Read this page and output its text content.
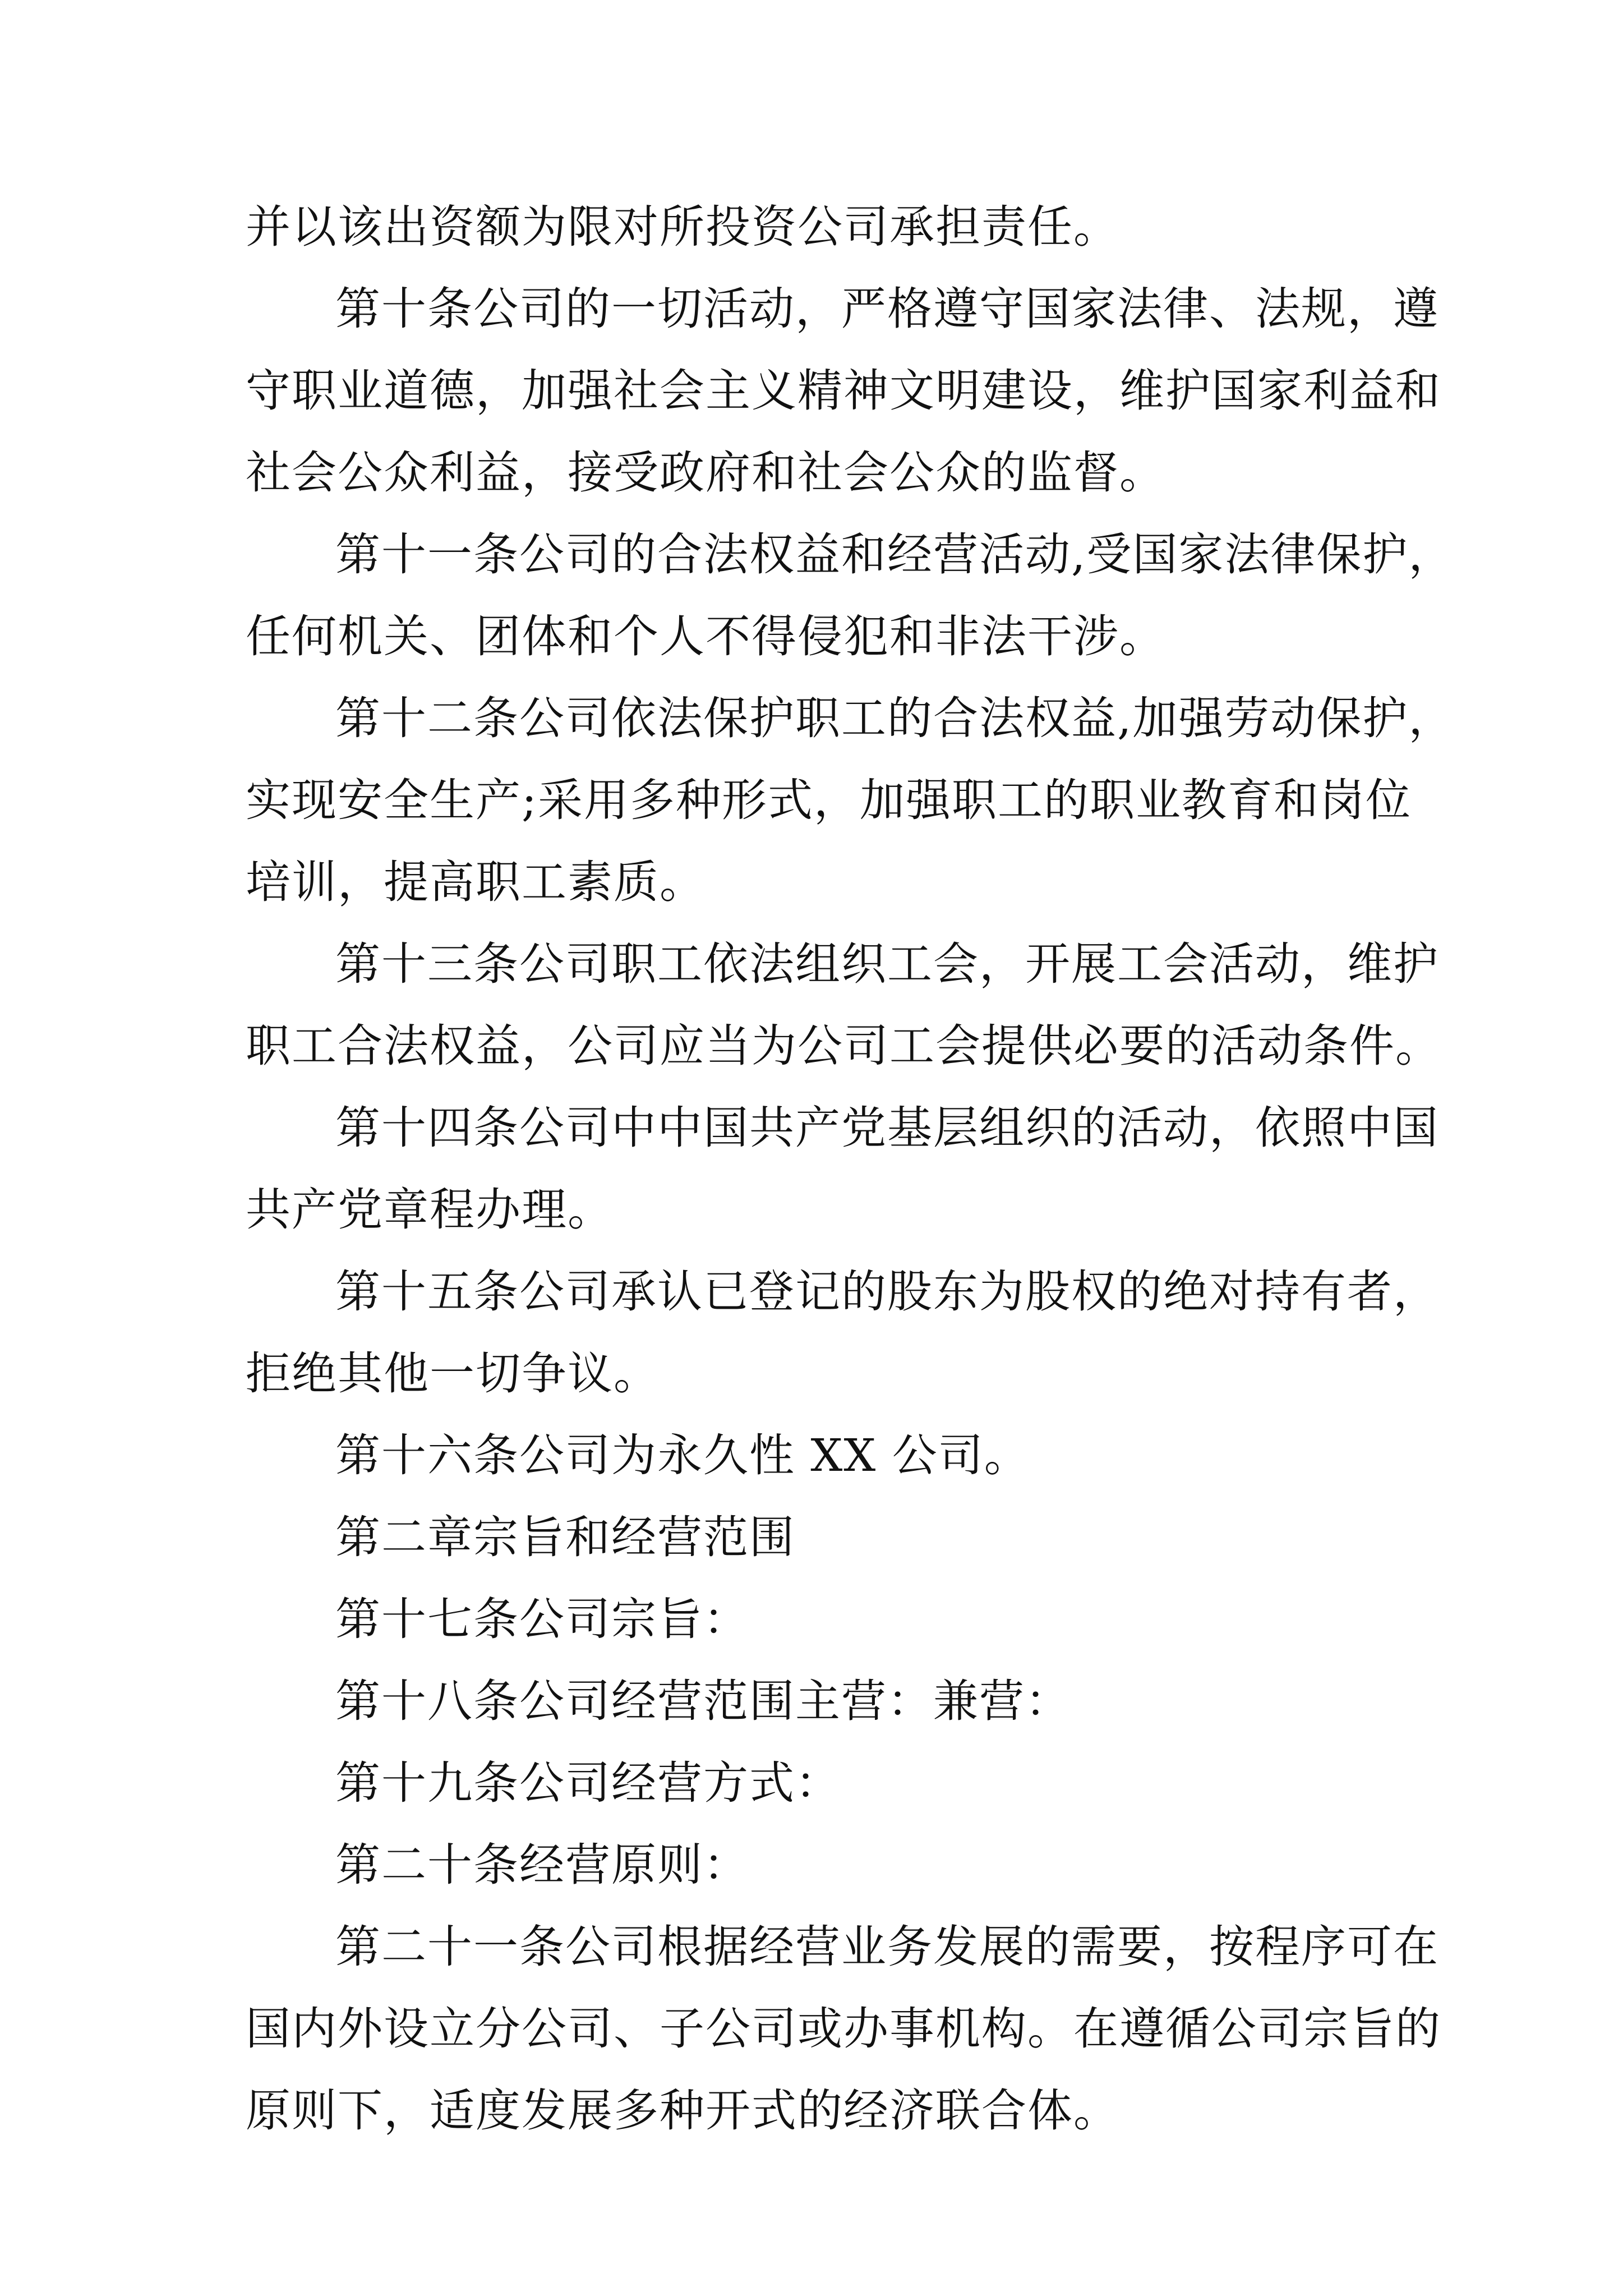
并以该出资额为限对所投资公司承担责任。
第十条公司的一切活动，严格遵守国家法律、法规，遵
守职业道德，加强社会主义精神文明建设，维护国家利益和
社会公众利益，接受政府和社会公众的监督。
第十一条公司的合法权益和经营活动,受国家法律保护，
任何机关、团体和个人不得侵犯和非法干涉。
第十二条公司依法保护职工的合法权益,加强劳动保护，
实现安全生产;采用多种形式，加强职工的职业教育和岗位
培训，提高职工素质。
第十三条公司职工依法组织工会，开展工会活动，维护
职工合法权益，公司应当为公司工会提供必要的活动条件。
第十四条公司中中国共产党基层组织的活动，依照中国
共产党章程办理。
第十五条公司承认已登记的股东为股权的绝对持有者，
拒绝其他一切争议。
第十六条公司为永久性 XX 公司。
第二章宗旨和经营范围
第十七条公司宗旨：
第十八条公司经营范围主营：兼营：
第十九条公司经营方式：
第二十条经营原则：
第二十一条公司根据经营业务发展的需要，按程序可在
国内外设立分公司、子公司或办事机构。在遵循公司宗旨的
原则下，适度发展多种开式的经济联合体。
